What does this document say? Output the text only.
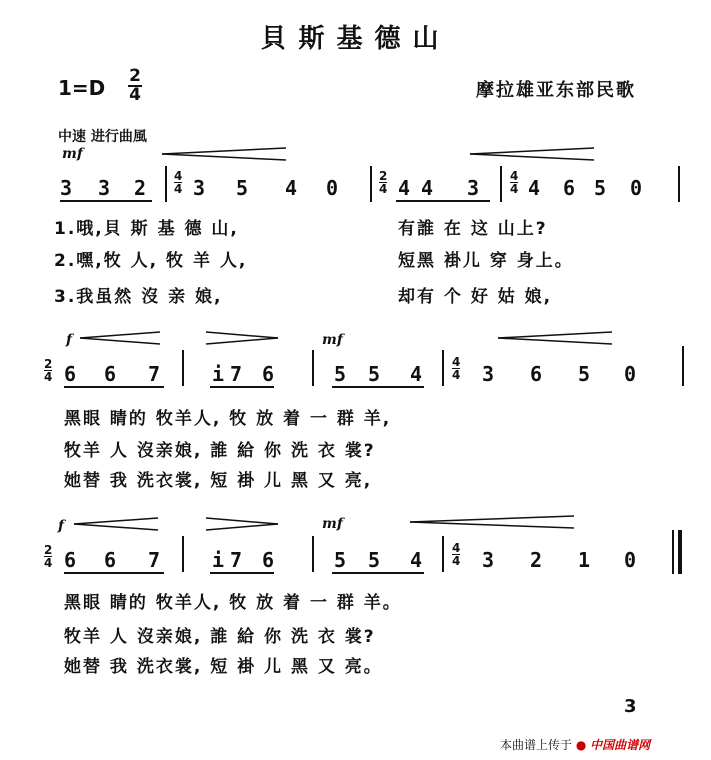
貝斯基德山
1=D 2
4	摩拉雄亚东部民歌
中速 进行曲風
mf
3 3 2 3 5 4 0	4 4 3 4 6 5 0
4
4
2
4
4
4
1.哦,貝 斯 基 德 山,
2.嘿,牧 人, 牧 羊 人,
3.我虽然 沒 亲 娘,
有誰 在 这 山上?
短黑 褂儿 穿 身上。
却有 个 好 姑 娘,
f	mf
2
4 6 6 7	i 7 6	5 5 4	3 6 5 0
4
4
黑眼 睛的 牧羊人, 牧 放 着 一 群 羊,
牧羊 人 沒亲娘, 誰 給 你 洗 衣 裳?
她替 我 洗衣裳, 短 褂 儿 黑 又 亮,
f	mf
2
4 6 6 7	i 7 6	5 5 4	3 2 1 0
4
4
黑眼 睛的 牧羊人, 牧 放 着 一 群 羊。
牧羊 人 沒亲娘, 誰 給 你 洗 衣 裳?
她替 我 洗衣裳, 短 褂 儿 黑 又 亮。
3
本曲谱上传于 ● 中国曲谱网
